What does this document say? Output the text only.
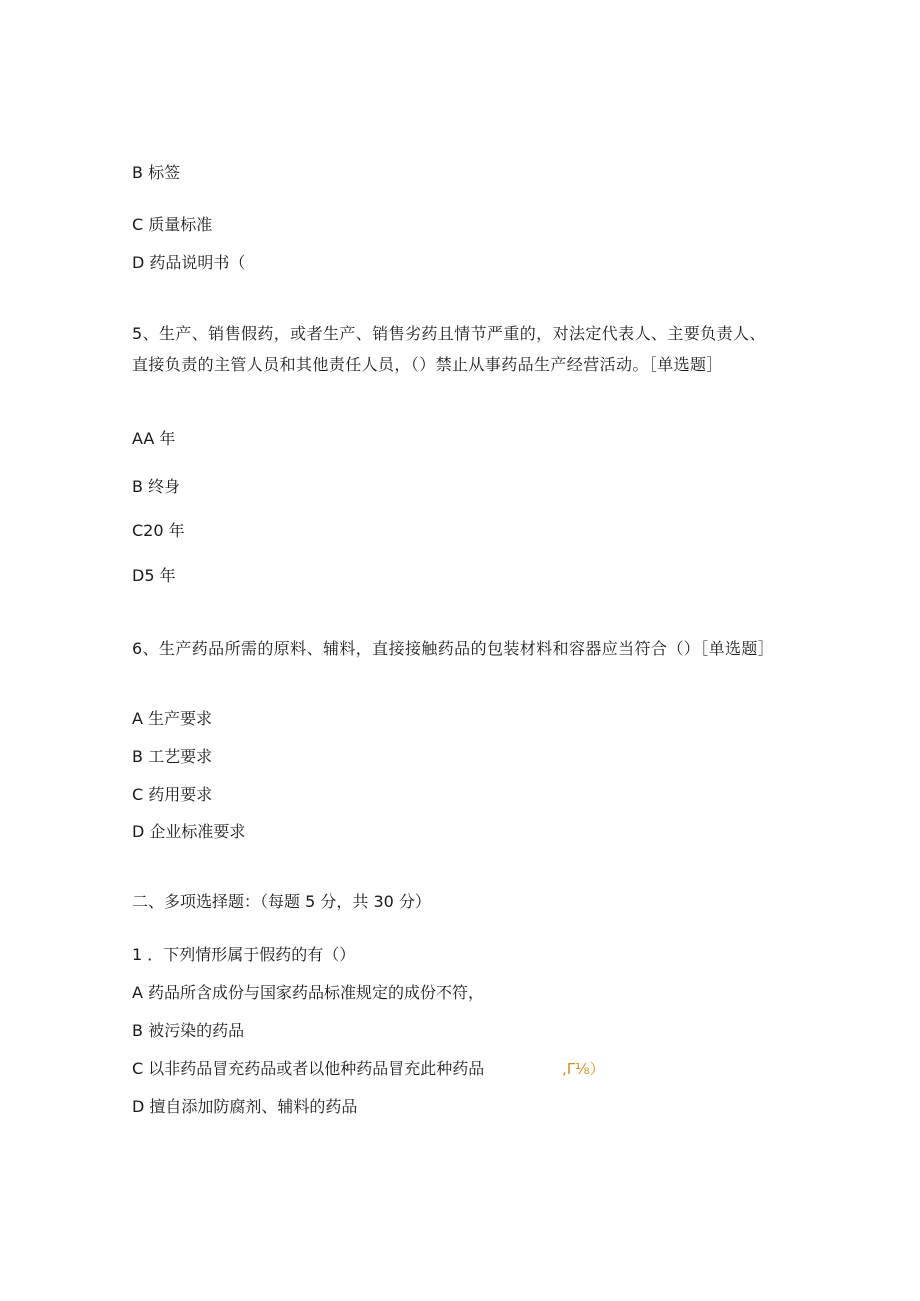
B 标签
C 质量标准
D 药品说明书（
5、生产、销售假药，或者生产、销售劣药且情节严重的，对法定代表人、主要负责人、直接负责的主管人员和其他责任人员，（）禁止从事药品生产经营活动。［单选题］
AA 年
B 终身
C20 年
D5 年
6、生产药品所需的原料、辅料，直接接触药品的包装材料和容器应当符合（）［单选题］
A 生产要求
B 工艺要求
C 药用要求
D 企业标准要求
二、多项选择题：（每题 5 分，共 30 分）
1 ．下列情形属于假药的有（）
A 药品所含成份与国家药品标准规定的成份不符，
B 被污染的药品
C 以非药品冒充药品或者以他种药品冒充此种药品
D 擅自添加防腐剂、辅料的药品
,Γ⅛）
